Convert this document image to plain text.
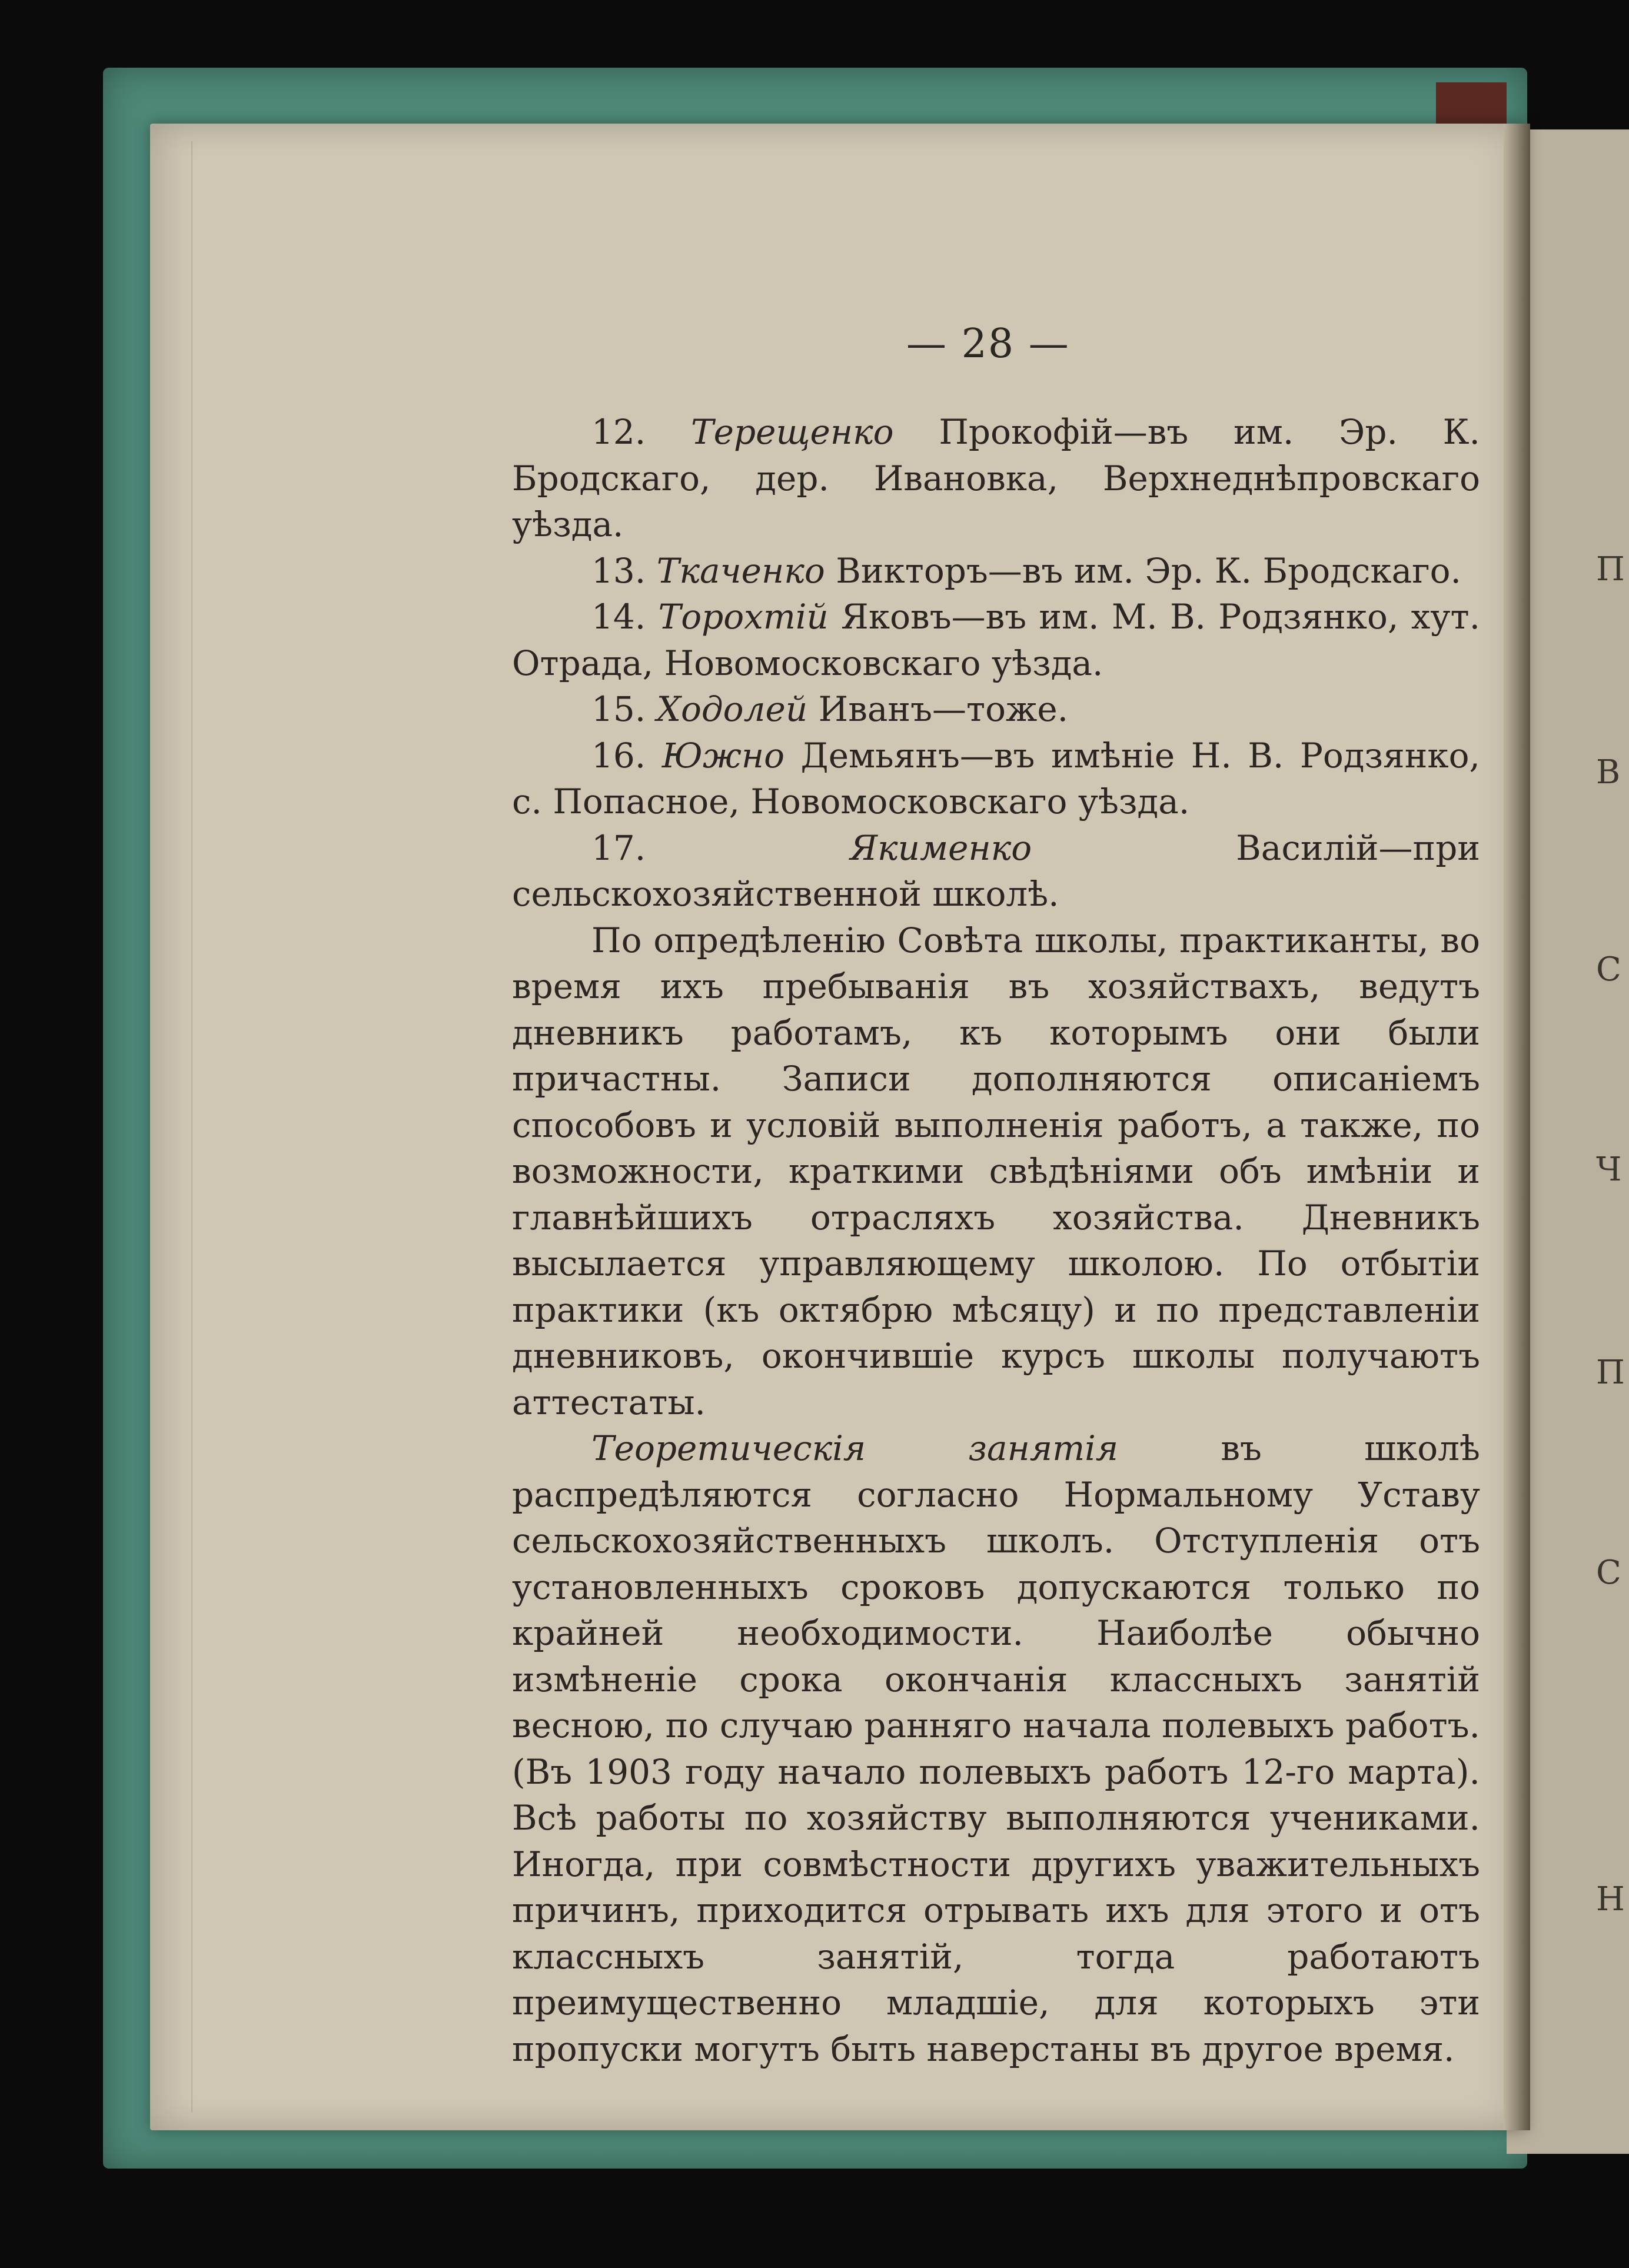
П
В
С
Ч
П
С
Н
— 28 —

12. Терещенко Прокофій—въ им. Эр. К. Бродскаго, дер. Ивановка, Верхнеднѣпровскаго уѣзда.

13. Ткаченко Викторъ—въ им. Эр. К. Бродскаго.

14. Торохтій Яковъ—въ им. М. В. Родзянко, хут. Отрада, Новомосковскаго уѣзда.

15. Ходолей Иванъ—тоже.

16. Южно Демьянъ—въ имѣніе Н. В. Родзянко, с. Попасное, Новомосковскаго уѣзда.

17.	Якименко Василій—при сельскохозяйственной школѣ.

По опредѣленію Совѣта школы, практиканты, во время ихъ пребыванія въ хозяйствахъ, ведутъ дневникъ работамъ, къ которымъ они были причастны. Записи дополняются описаніемъ способовъ и условій выполненія работъ, а также, по возможности, краткими свѣдѣніями объ имѣніи и главнѣйшихъ отрасляхъ хозяйства. Дневникъ высылается управляющему школою. По отбытіи практики (къ октябрю мѣсяцу) и по представленіи дневниковъ, окончившіе курсъ школы получаютъ аттестаты.

Теоретическія занятія въ школѣ распредѣляются согласно Нормальному Уставу сельскохозяйственныхъ школъ. Отступленія отъ установленныхъ сроковъ допускаются только по крайней необходимости. Наиболѣе обычно измѣненіе срока окончанія классныхъ занятій весною, по случаю ранняго начала полевыхъ работъ. (Въ 1903 году начало полевыхъ работъ 12-го марта). Всѣ работы по хозяйству выполняются учениками. Иногда, при совмѣстности другихъ уважительныхъ причинъ, приходится отрывать ихъ для этого и отъ классныхъ занятій, тогда работаютъ преимущественно младшіе, для которыхъ эти пропуски могутъ быть наверстаны въ другое время.
